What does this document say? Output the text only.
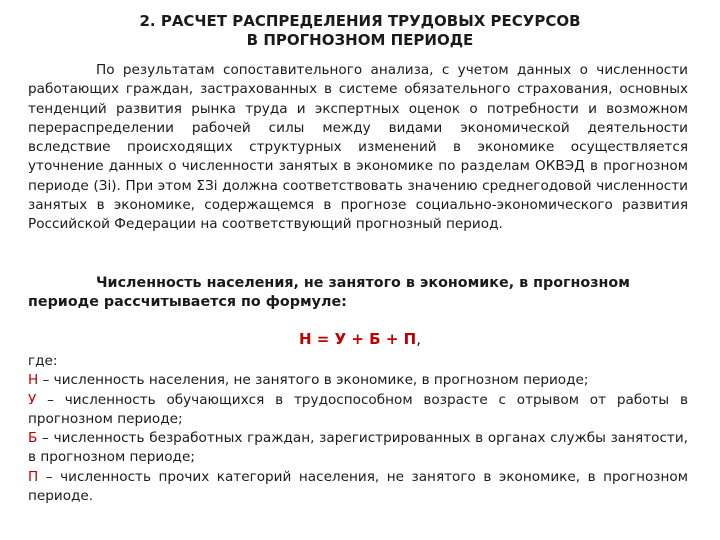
2. РАСЧЕТ РАСПРЕДЕЛЕНИЯ ТРУДОВЫХ РЕСУРСОВ
В ПРОГНОЗНОМ ПЕРИОДЕ

По результатам сопоставительного анализа, с учетом данных о численности работающих граждан, застрахованных в системе обязательного страхования, основных тенденций развития рынка труда и экспертных оценок о потребности и возможном перераспределении рабочей силы между видами экономической деятельности вследствие происходящих структурных изменений в экономике осуществляется уточнение данных о численности занятых в экономике по разделам ОКВЭД в прогнозном периоде (Зi). При этом ΣЗi должна соответствовать значению среднегодовой численности занятых в экономике, содержащемся в прогнозе социально-экономического развития Российской Федерации на соответствующий прогнозный период.

Численность населения, не занятого в экономике, в прогнозном периоде рассчитывается по формуле:

Н = У + Б + П,

где:

Н – численность населения, не занятого в экономике, в прогнозном периоде;

У – численность обучающихся в трудоспособном возрасте с отрывом от работы в прогнозном периоде;

Б – численность безработных граждан, зарегистрированных в органах службы занятости, в прогнозном периоде;

П – численность прочих категорий населения, не занятого в экономике, в прогнозном периоде.
